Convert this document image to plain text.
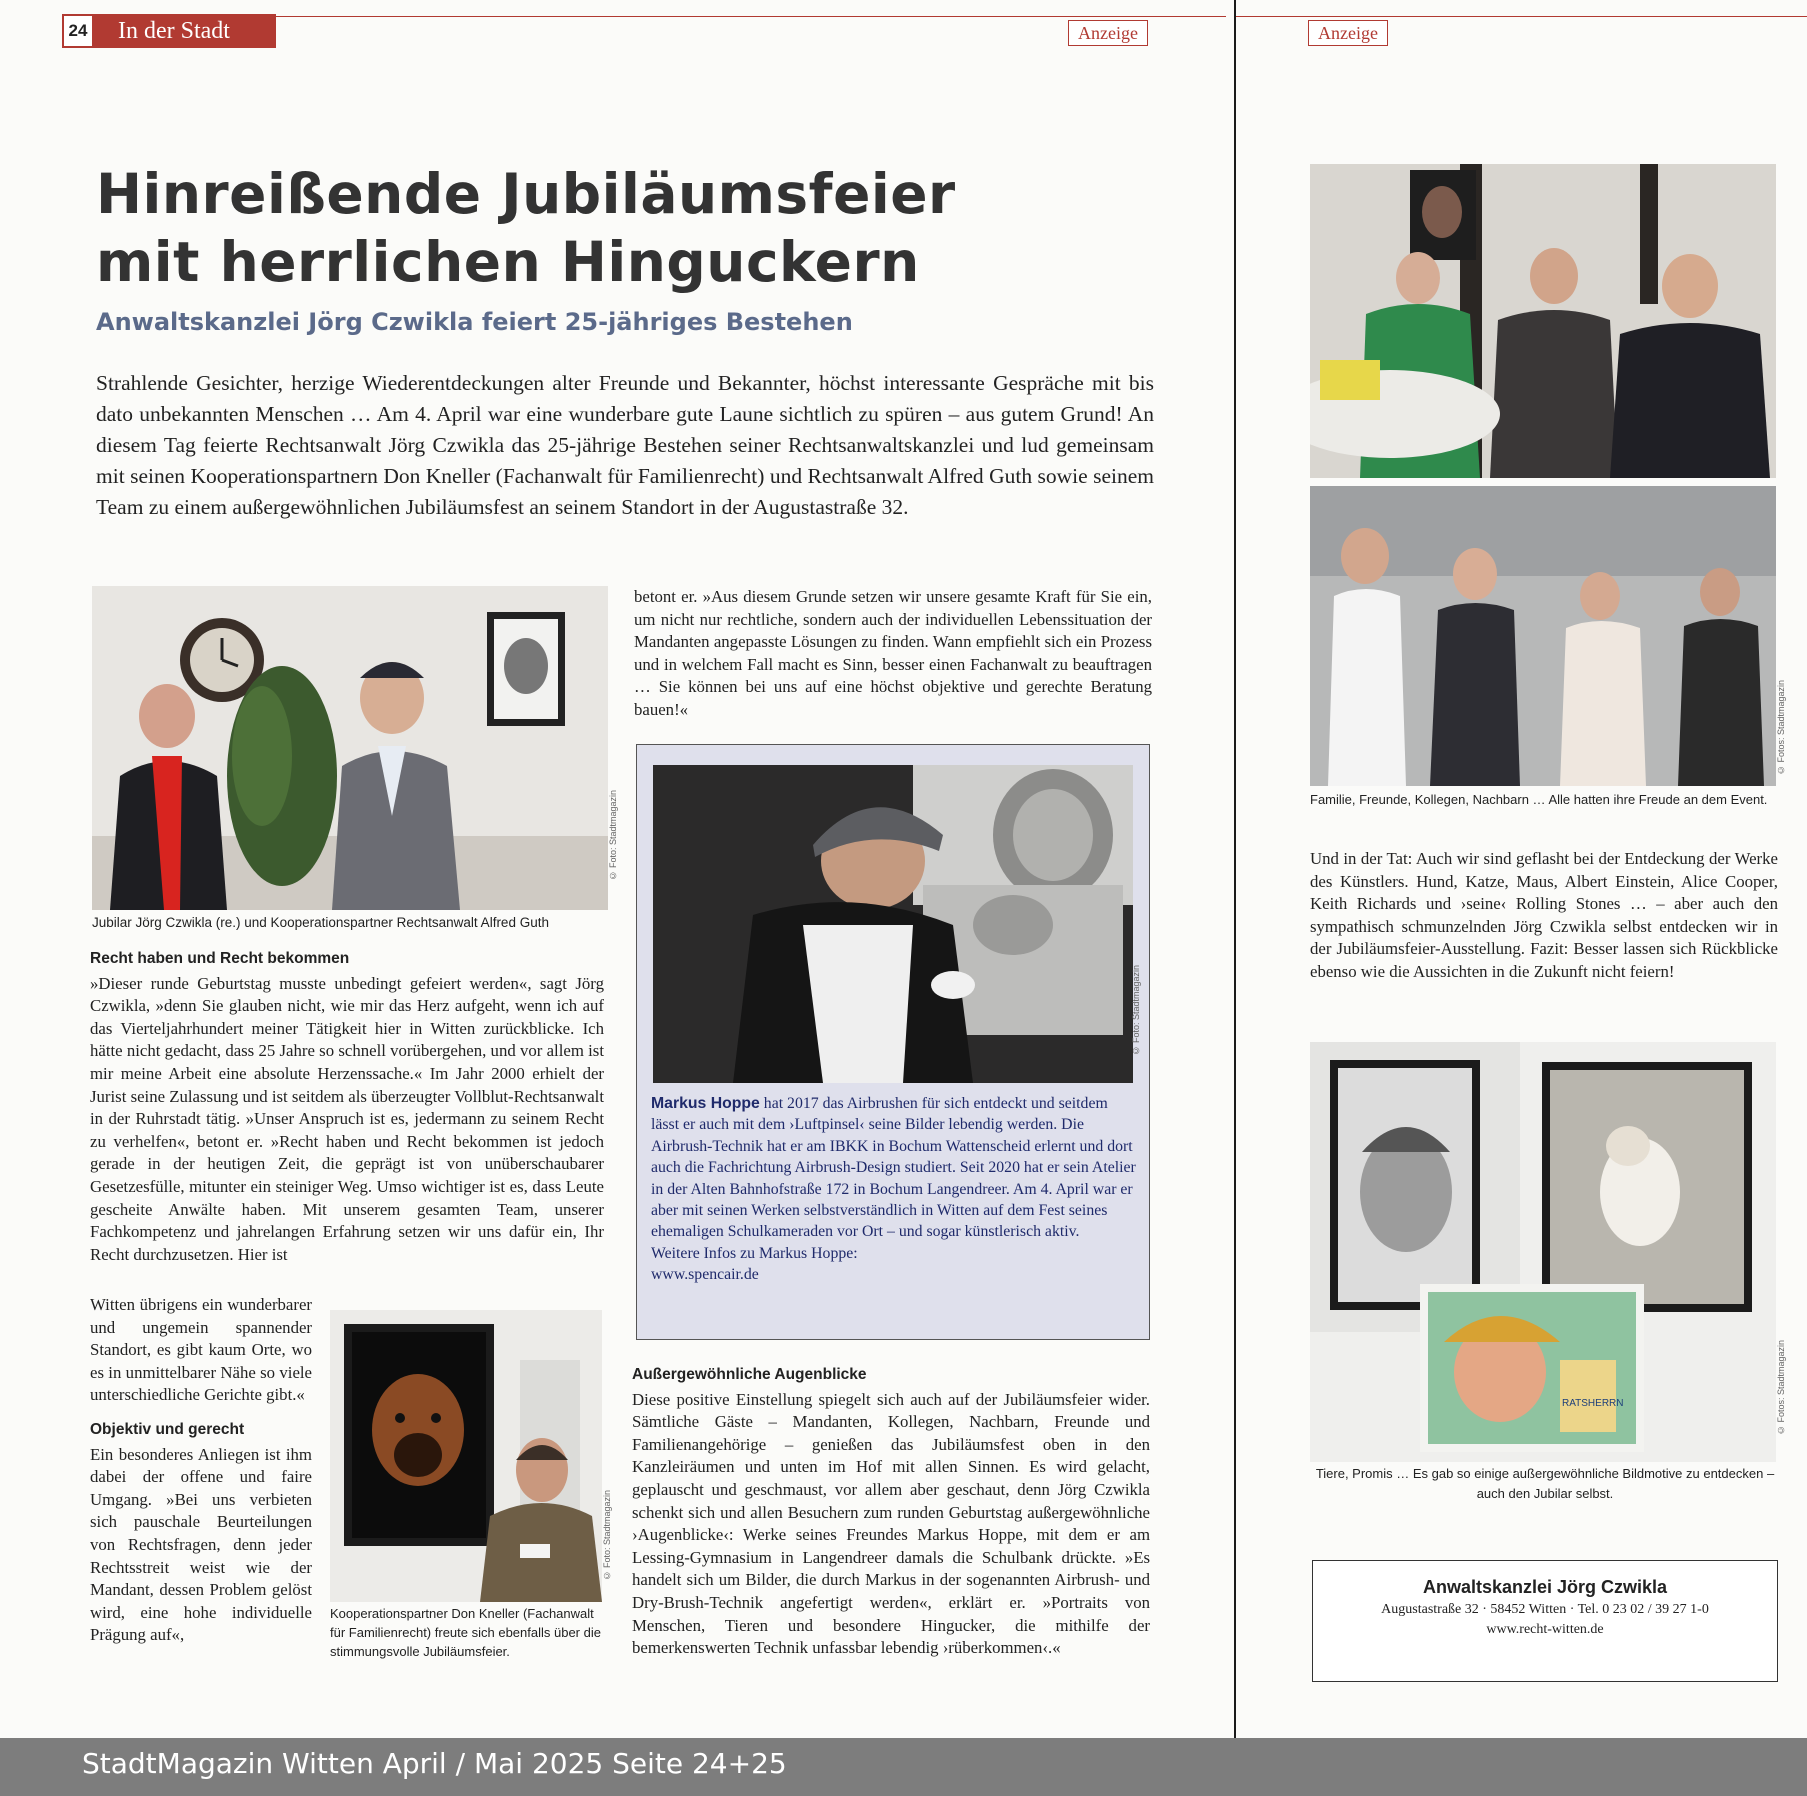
24	In der Stadt	Anzeige
Hinreißende Jubiläumsfeier
mit herrlichen Hinguckern
Anwaltskanzlei Jörg Czwikla feiert 25-jähriges Bestehen
Strahlende Gesichter, herzige Wiederentdeckungen alter Freunde und Bekannter, höchst interessante Gespräche mit bis dato unbekannten Menschen … Am 4. April war eine wunderbare gute Laune sichtlich zu spüren – aus gutem Grund! An diesem Tag feierte Rechtsanwalt Jörg Czwikla das 25-jährige Bestehen seiner Rechtsanwaltskanzlei und lud gemeinsam mit seinen Kooperationspartnern Don Kneller (Fachanwalt für Familienrecht) und Rechtsanwalt Alfred Guth sowie seinem Team zu einem außergewöhnlichen Jubiläumsfest an seinem Standort in der Augustastraße 32.
© Foto: Stadtmagazin
Jubilar Jörg Czwikla (re.) und Kooperationspartner Rechtsanwalt Alfred Guth
Recht haben und Recht bekommen

»Dieser runde Geburtstag musste unbedingt gefeiert werden«, sagt Jörg Czwikla, »denn Sie glauben nicht, wie mir das Herz aufgeht, wenn ich auf das Vierteljahrhundert meiner Tätigkeit hier in Witten zurückblicke. Ich hätte nicht gedacht, dass 25 Jahre so schnell vorübergehen, und vor allem ist mir meine Arbeit eine absolute Herzenssache.« Im Jahr 2000 erhielt der Jurist seine Zulassung und ist seitdem als überzeugter Vollblut-Rechtsanwalt in der Ruhrstadt tätig. »Unser Anspruch ist es, jedermann zu seinem Recht zu verhelfen«, betont er. »Recht haben und Recht bekommen ist jedoch gerade in der heutigen Zeit, die geprägt ist von unüberschaubarer Gesetzesfülle, mitunter ein steiniger Weg. Umso wichtiger ist es, dass Leute gescheite Anwälte haben. Mit unserem gesamten Team, unserer Fachkompetenz und jahrelangen Erfahrung setzen wir uns dafür ein, Ihr Recht durchzusetzen. Hier ist

Witten übrigens ein wunderbarer und ungemein spannender Standort, es gibt kaum Orte, wo es in unmittelbarer Nähe so viele unterschiedliche Gerichte gibt.«

Objektiv und gerecht

Ein besonderes Anliegen ist ihm dabei der offene und faire Umgang. »Bei uns verbieten sich pauschale Beurteilungen von Rechtsfragen, denn jeder Rechtsstreit weist wie der Mandant, dessen Problem gelöst wird, eine hohe individuelle Prägung auf«,

© Foto: Stadtmagazin
Kooperationspartner Don Kneller (Fachanwalt für Familienrecht) freute sich ebenfalls über die stimmungsvolle Jubiläumsfeier.

betont er. »Aus diesem Grunde setzen wir unsere gesamte Kraft für Sie ein, um nicht nur rechtliche, sondern auch der individuellen Lebenssituation der Mandanten angepasste Lösungen zu finden. Wann empfiehlt sich ein Prozess und in welchem Fall macht es Sinn, besser einen Fachanwalt zu beauftragen … Sie können bei uns auf eine höchst objektive und gerechte Beratung bauen!«

© Foto: Stadtmagazin
Markus Hoppe hat 2017 das Airbrushen für sich entdeckt und seitdem lässt er auch mit dem ›Luftpinsel‹ seine Bilder lebendig werden. Die Airbrush-Technik hat er am IBKK in Bochum Wattenscheid erlernt und dort auch die Fachrichtung Airbrush-Design studiert. Seit 2020 hat er sein Atelier in der Alten Bahnhofstraße 172 in Bochum Langendreer. Am 4. April war er aber mit seinen Werken selbstverständlich in Witten auf dem Fest seines ehemaligen Schulkameraden vor Ort – und sogar künstlerisch aktiv.
Weitere Infos zu Markus Hoppe:
www.spencair.de
Außergewöhnliche Augenblicke

Diese positive Einstellung spiegelt sich auch auf der Jubiläumsfeier wider. Sämtliche Gäste – Mandanten, Kollegen, Nachbarn, Freunde und Familienangehörige – genießen das Jubiläumsfest oben in den Kanzleiräumen und unten im Hof mit allen Sinnen. Es wird gelacht, geplauscht und geschmaust, vor allem aber geschaut, denn Jörg Czwikla schenkt sich und allen Besuchern zum runden Geburtstag außergewöhnliche ›Augenblicke‹: Werke seines Freundes Markus Hoppe, mit dem er am Lessing-Gymnasium in Langendreer damals die Schulbank drückte. »Es handelt sich um Bilder, die durch Markus in der sogenannten Airbrush- und Dry-Brush-Technik angefertigt werden«, erklärt er. »Portraits von Menschen, Tieren und besondere Hingucker, die mithilfe der bemerkenswerten Technik unfassbar lebendig ›rüberkommen‹.«

Anzeige
© Fotos: Stadtmagazin
Familie, Freunde, Kollegen, Nachbarn … Alle hatten ihre Freude an dem Event.

Und in der Tat: Auch wir sind geflasht bei der Entdeckung der Werke des Künstlers. Hund, Katze, Maus, Albert Einstein, Alice Cooper, Keith Richards und ›seine‹ Rolling Stones … – aber auch den sympathisch schmunzelnden Jörg Czwikla selbst entdecken wir in der Jubiläumsfeier-Ausstellung. Fazit: Besser lassen sich Rückblicke ebenso wie die Aussichten in die Zukunft nicht feiern!

RATSHERRN	© Fotos: Stadtmagazin
Tiere, Promis … Es gab so einige außergewöhnliche Bildmotive zu entdecken – auch den Jubilar selbst.
Anwaltskanzlei Jörg Czwikla
Augustastraße 32 · 58452 Witten · Tel. 0 23 02 / 39 27 1-0
www.recht-witten.de
StadtMagazin Witten April / Mai 2025 Seite 24+25
